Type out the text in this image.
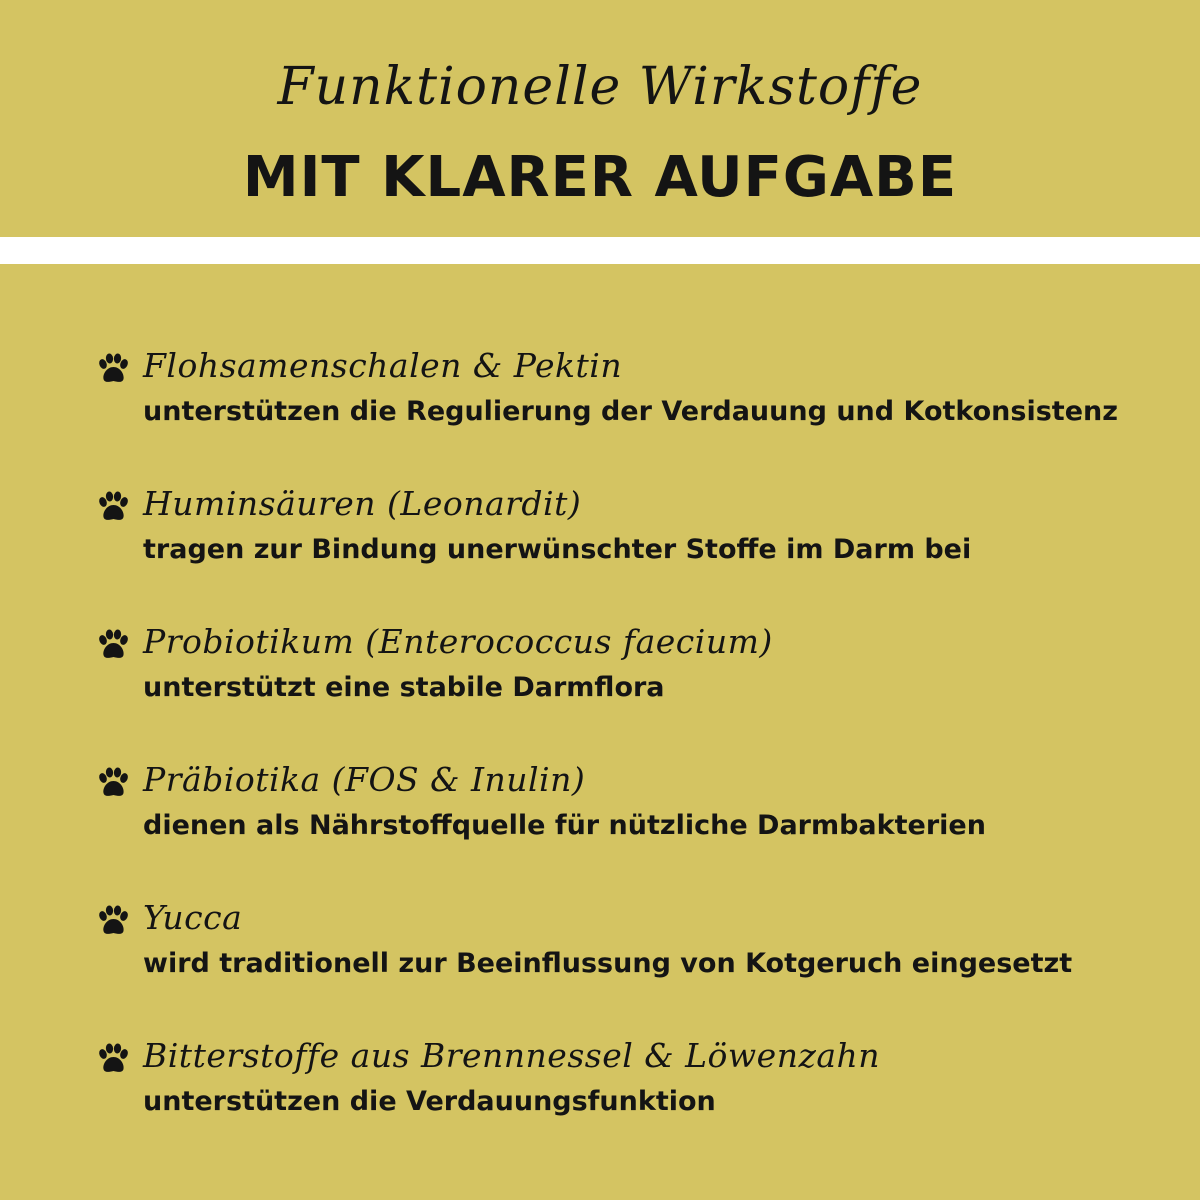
Funktionelle Wirkstoffe
MIT KLARER AUFGABE
Flohsamenschalen & Pektin
unterstützen die Regulierung der Verdauung und Kotkonsistenz
Huminsäuren (Leonardit)
tragen zur Bindung unerwünschter Stoffe im Darm bei
Probiotikum (Enterococcus faecium)
unterstützt eine stabile Darmflora
Präbiotika (FOS & Inulin)
dienen als Nährstoffquelle für nützliche Darmbakterien
Yucca
wird traditionell zur Beeinflussung von Kotgeruch eingesetzt
Bitterstoffe aus Brennnessel & Löwenzahn
unterstützen die Verdauungsfunktion
